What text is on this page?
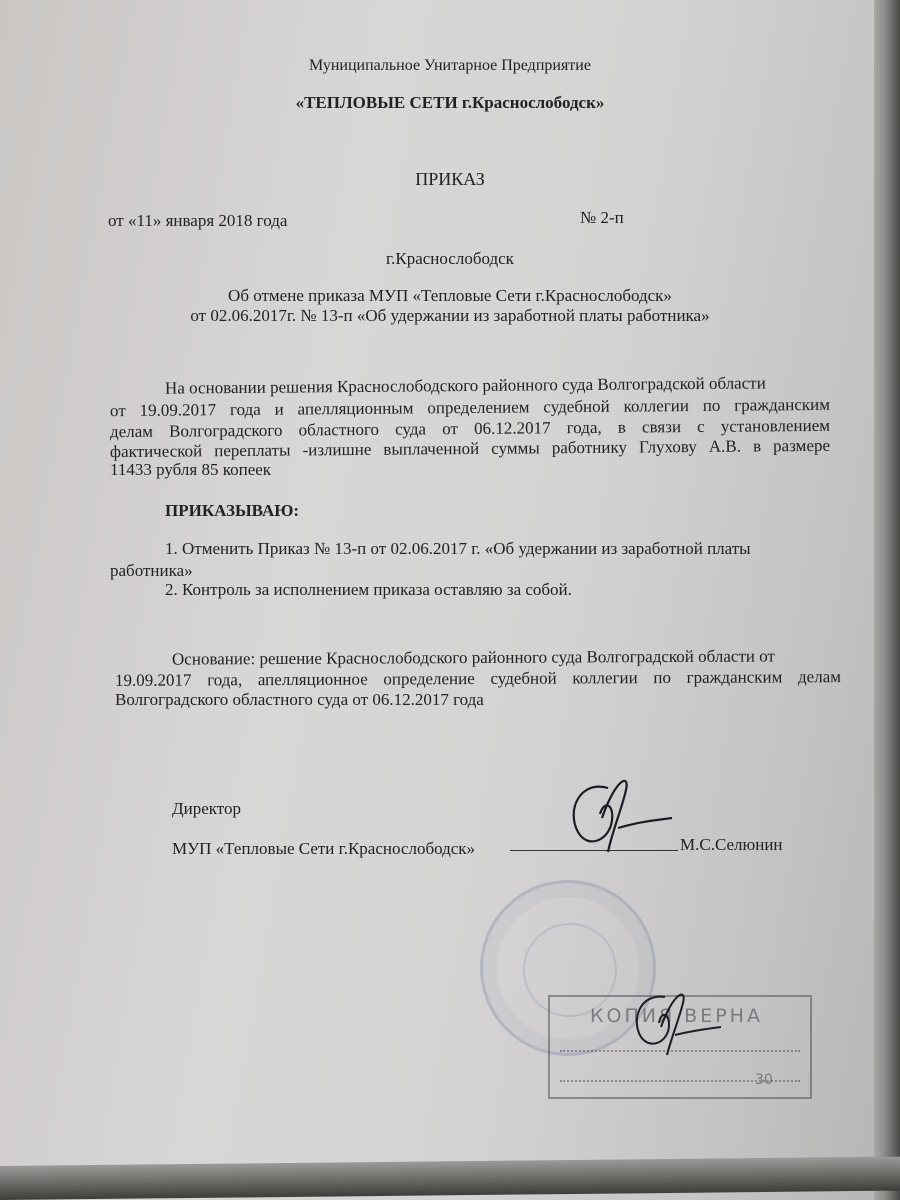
Муниципальное Унитарное Предприятие
«ТЕПЛОВЫЕ СЕТИ г.Краснослободск»
ПРИКАЗ
от «11» января 2018 года	№ 2-п
г.Краснослободск
Об отмене приказа МУП «Тепловые Сети г.Краснослободск»
от 02.06.2017г. № 13-п «Об удержании из заработной платы работника»
На основании решения Краснослободского районного суда Волгоградской области
от 19.09.2017 года и апелляционным определением судебной коллегии по гражданским
делам Волгоградского областного суда от 06.12.2017 года, в связи с установлением
фактической переплаты -излишне выплаченной суммы работнику Глухову А.В. в размере
11433 рубля 85 копеек
ПРИКАЗЫВАЮ:
1. Отменить Приказ № 13-п от 02.06.2017 г. «Об удержании из заработной платы
работника»
2. Контроль за исполнением приказа оставляю за собой.
Основание: решение Краснослободского районного суда Волгоградской области от
19.09.2017 года, апелляционное определение судебной коллегии по гражданским делам
Волгоградского областного суда от 06.12.2017 года
Директор
МУП «Тепловые Сети г.Краснослободск»	М.С.Селюнин
КОПИЯ ВЕРНА
30
